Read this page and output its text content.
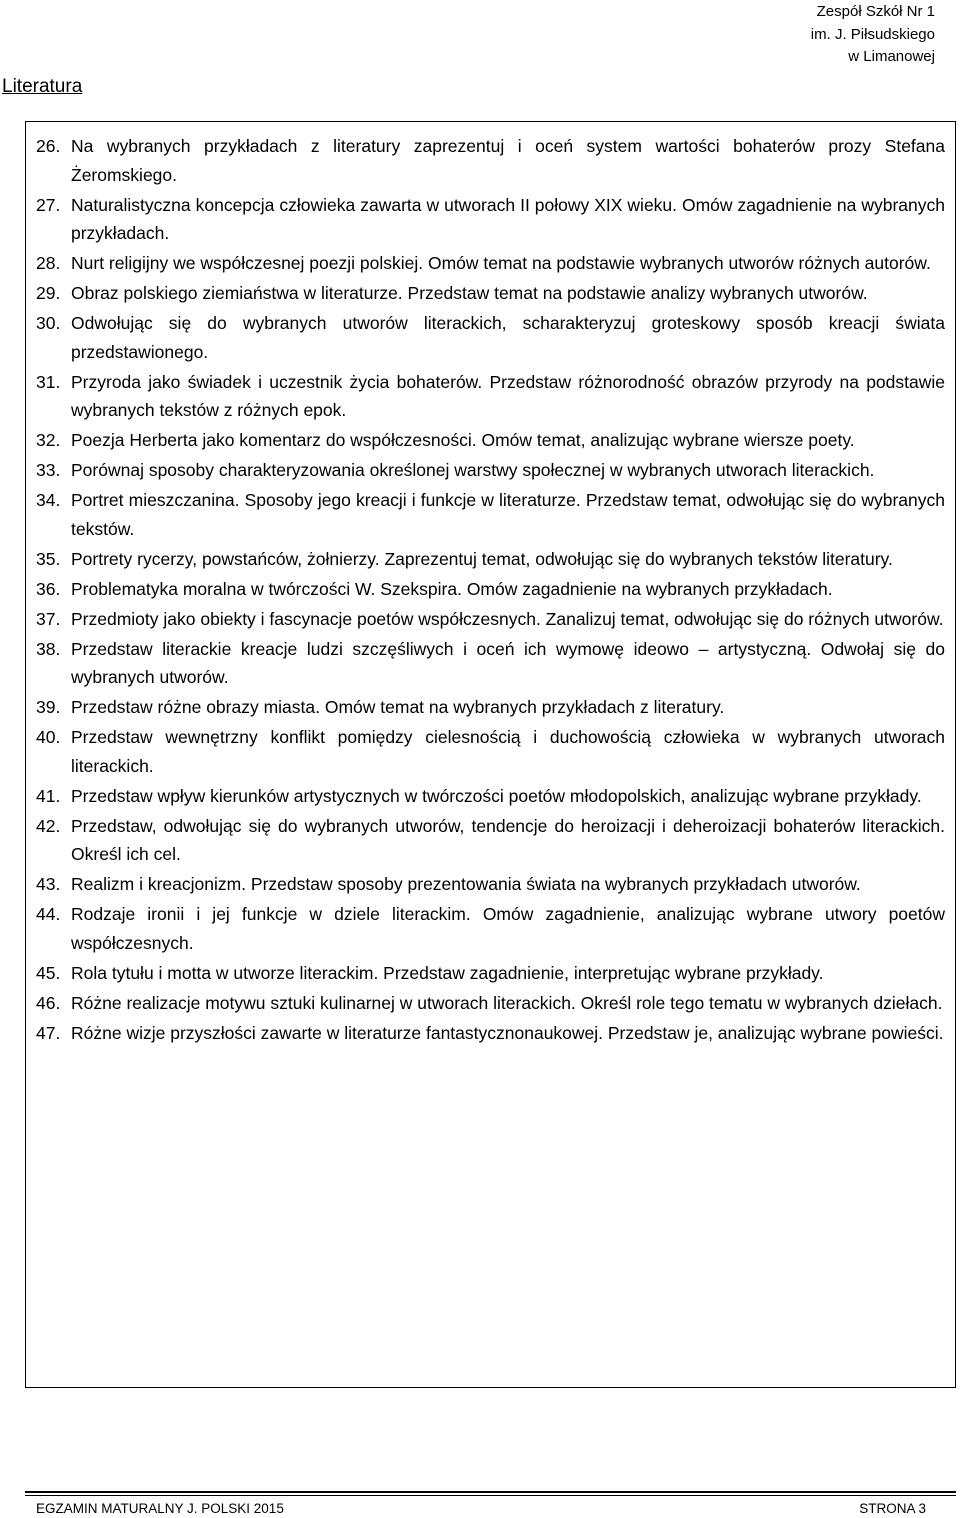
Literatura
Zespół Szkół Nr 1
im. J. Piłsudskiego
w Limanowej
26. Na wybranych przykładach z literatury zaprezentuj i oceń system wartości bohaterów prozy Stefana Żeromskiego.
27. Naturalistyczna koncepcja człowieka zawarta w utworach II połowy XIX wieku. Omów zagadnienie na wybranych przykładach.
28. Nurt religijny we współczesnej poezji polskiej. Omów temat na podstawie wybranych utworów różnych autorów.
29. Obraz polskiego ziemiaństwa w literaturze. Przedstaw temat na podstawie analizy wybranych utworów.
30. Odwołując się do wybranych utworów literackich, scharakteryzuj groteskowy sposób kreacji świata przedstawionego.
31. Przyroda jako świadek i uczestnik życia bohaterów. Przedstaw różnorodność obrazów przyrody na podstawie wybranych tekstów z różnych epok.
32. Poezja Herberta jako komentarz do współczesności. Omów temat, analizując wybrane wiersze poety.
33. Porównaj sposoby charakteryzowania określonej warstwy społecznej w wybranych utworach literackich.
34. Portret mieszczanina. Sposoby jego kreacji i funkcje w literaturze. Przedstaw temat, odwołując się do wybranych tekstów.
35. Portrety rycerzy, powstańców, żołnierzy. Zaprezentuj temat, odwołując się do wybranych tekstów literatury.
36. Problematyka moralna w twórczości W. Szekspira. Omów zagadnienie na wybranych przykładach.
37. Przedmioty jako obiekty i fascynacje poetów współczesnych. Zanalizuj temat, odwołując się do różnych utworów.
38. Przedstaw literackie kreacje ludzi szczęśliwych i oceń ich wymowę ideowo – artystyczną. Odwołaj się do wybranych utworów.
39. Przedstaw różne obrazy miasta. Omów temat na wybranych przykładach z literatury.
40. Przedstaw wewnętrzny konflikt pomiędzy cielesnością i duchowością człowieka w wybranych utworach literackich.
41. Przedstaw wpływ kierunków artystycznych w twórczości poetów młodopolskich, analizując wybrane przykłady.
42. Przedstaw, odwołując się do wybranych utworów, tendencje do heroizacji i deheroizacji bohaterów literackich. Określ ich cel.
43. Realizm i kreacjonizm. Przedstaw sposoby prezentowania świata na wybranych przykładach utworów.
44. Rodzaje ironii i jej funkcje w dziele literackim. Omów zagadnienie, analizując wybrane utwory poetów współczesnych.
45. Rola tytułu i motta w utworze literackim. Przedstaw zagadnienie, interpretując wybrane przykłady.
46. Różne realizacje motywu sztuki kulinarnej w utworach literackich. Określ role tego tematu w wybranych dziełach.
47. Różne wizje przyszłości zawarte w literaturze fantastycznonaukowej. Przedstaw je, analizując wybrane powieści.
EGZAMIN MATURALNY J. POLSKI 2015	STRONA 3
